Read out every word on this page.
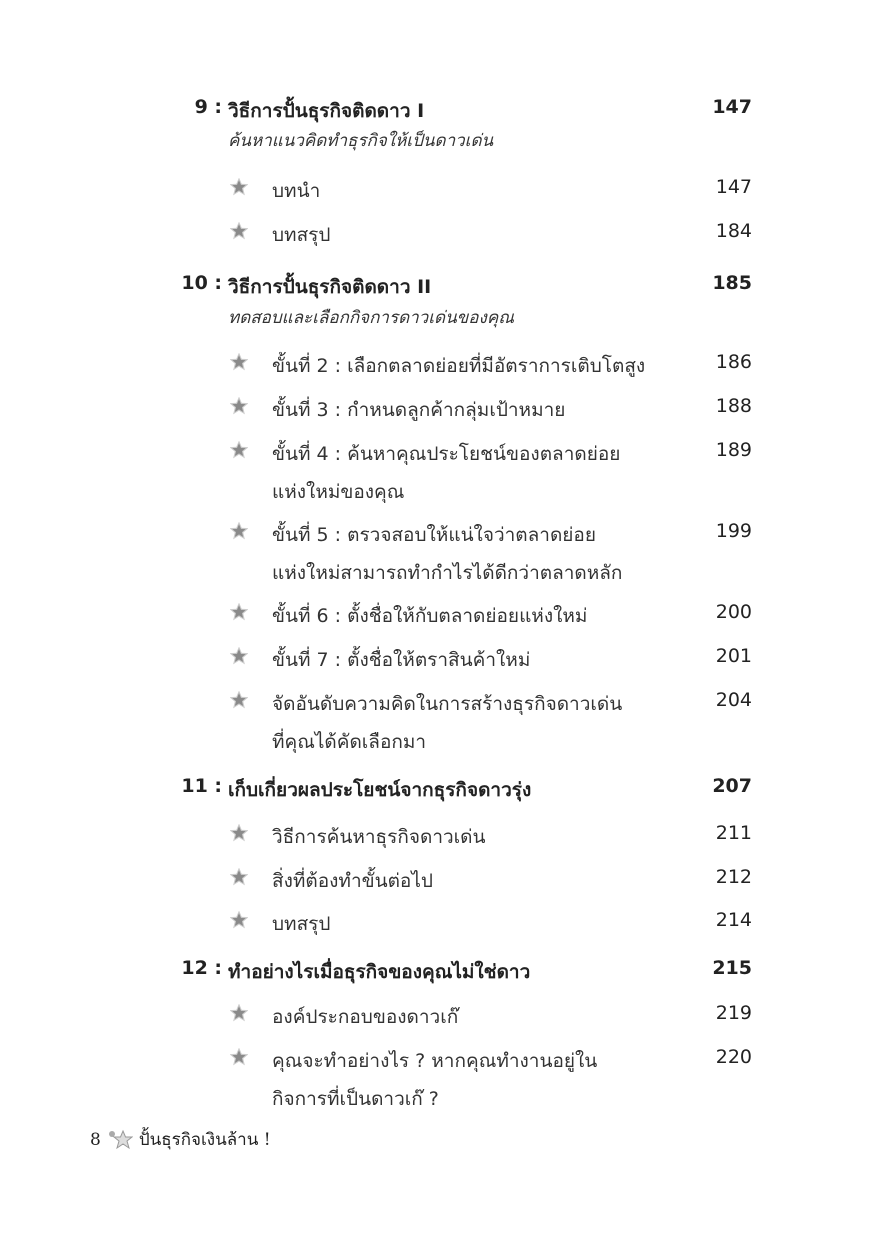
9 : วิธีการปั้นธุรกิจติดดาว I	147
ค้นหาแนวคิดทำธุรกิจให้เป็นดาวเด่น
บทนำ	147
บทสรุป	184
10 : วิธีการปั้นธุรกิจติดดาว II	185
ทดสอบและเลือกกิจการดาวเด่นของคุณ
ขั้นที่ 2 : เลือกตลาดย่อยที่มีอัตราการเติบโตสูง	186
ขั้นที่ 3 : กำหนดลูกค้ากลุ่มเป้าหมาย	188
ขั้นที่ 4 : ค้นหาคุณประโยชน์ของตลาดย่อย	189
แห่งใหม่ของคุณ
ขั้นที่ 5 : ตรวจสอบให้แน่ใจว่าตลาดย่อย	199
แห่งใหม่สามารถทำกำไรได้ดีกว่าตลาดหลัก
ขั้นที่ 6 : ตั้งชื่อให้กับตลาดย่อยแห่งใหม่	200
ขั้นที่ 7 : ตั้งชื่อให้ตราสินค้าใหม่	201
จัดอันดับความคิดในการสร้างธุรกิจดาวเด่น	204
ที่คุณได้คัดเลือกมา
11 : เก็บเกี่ยวผลประโยชน์จากธุรกิจดาวรุ่ง	207
วิธีการค้นหาธุรกิจดาวเด่น	211
สิ่งที่ต้องทำขั้นต่อไป	212
บทสรุป	214
12 : ทำอย่างไรเมื่อธุรกิจของคุณไม่ใช่ดาว	215
องค์ประกอบของดาวเก๊	219
คุณจะทำอย่างไร ? หากคุณทำงานอยู่ใน	220
กิจการที่เป็นดาวเก๊ ?
8 ปั้นธุรกิจเงินล้าน !
